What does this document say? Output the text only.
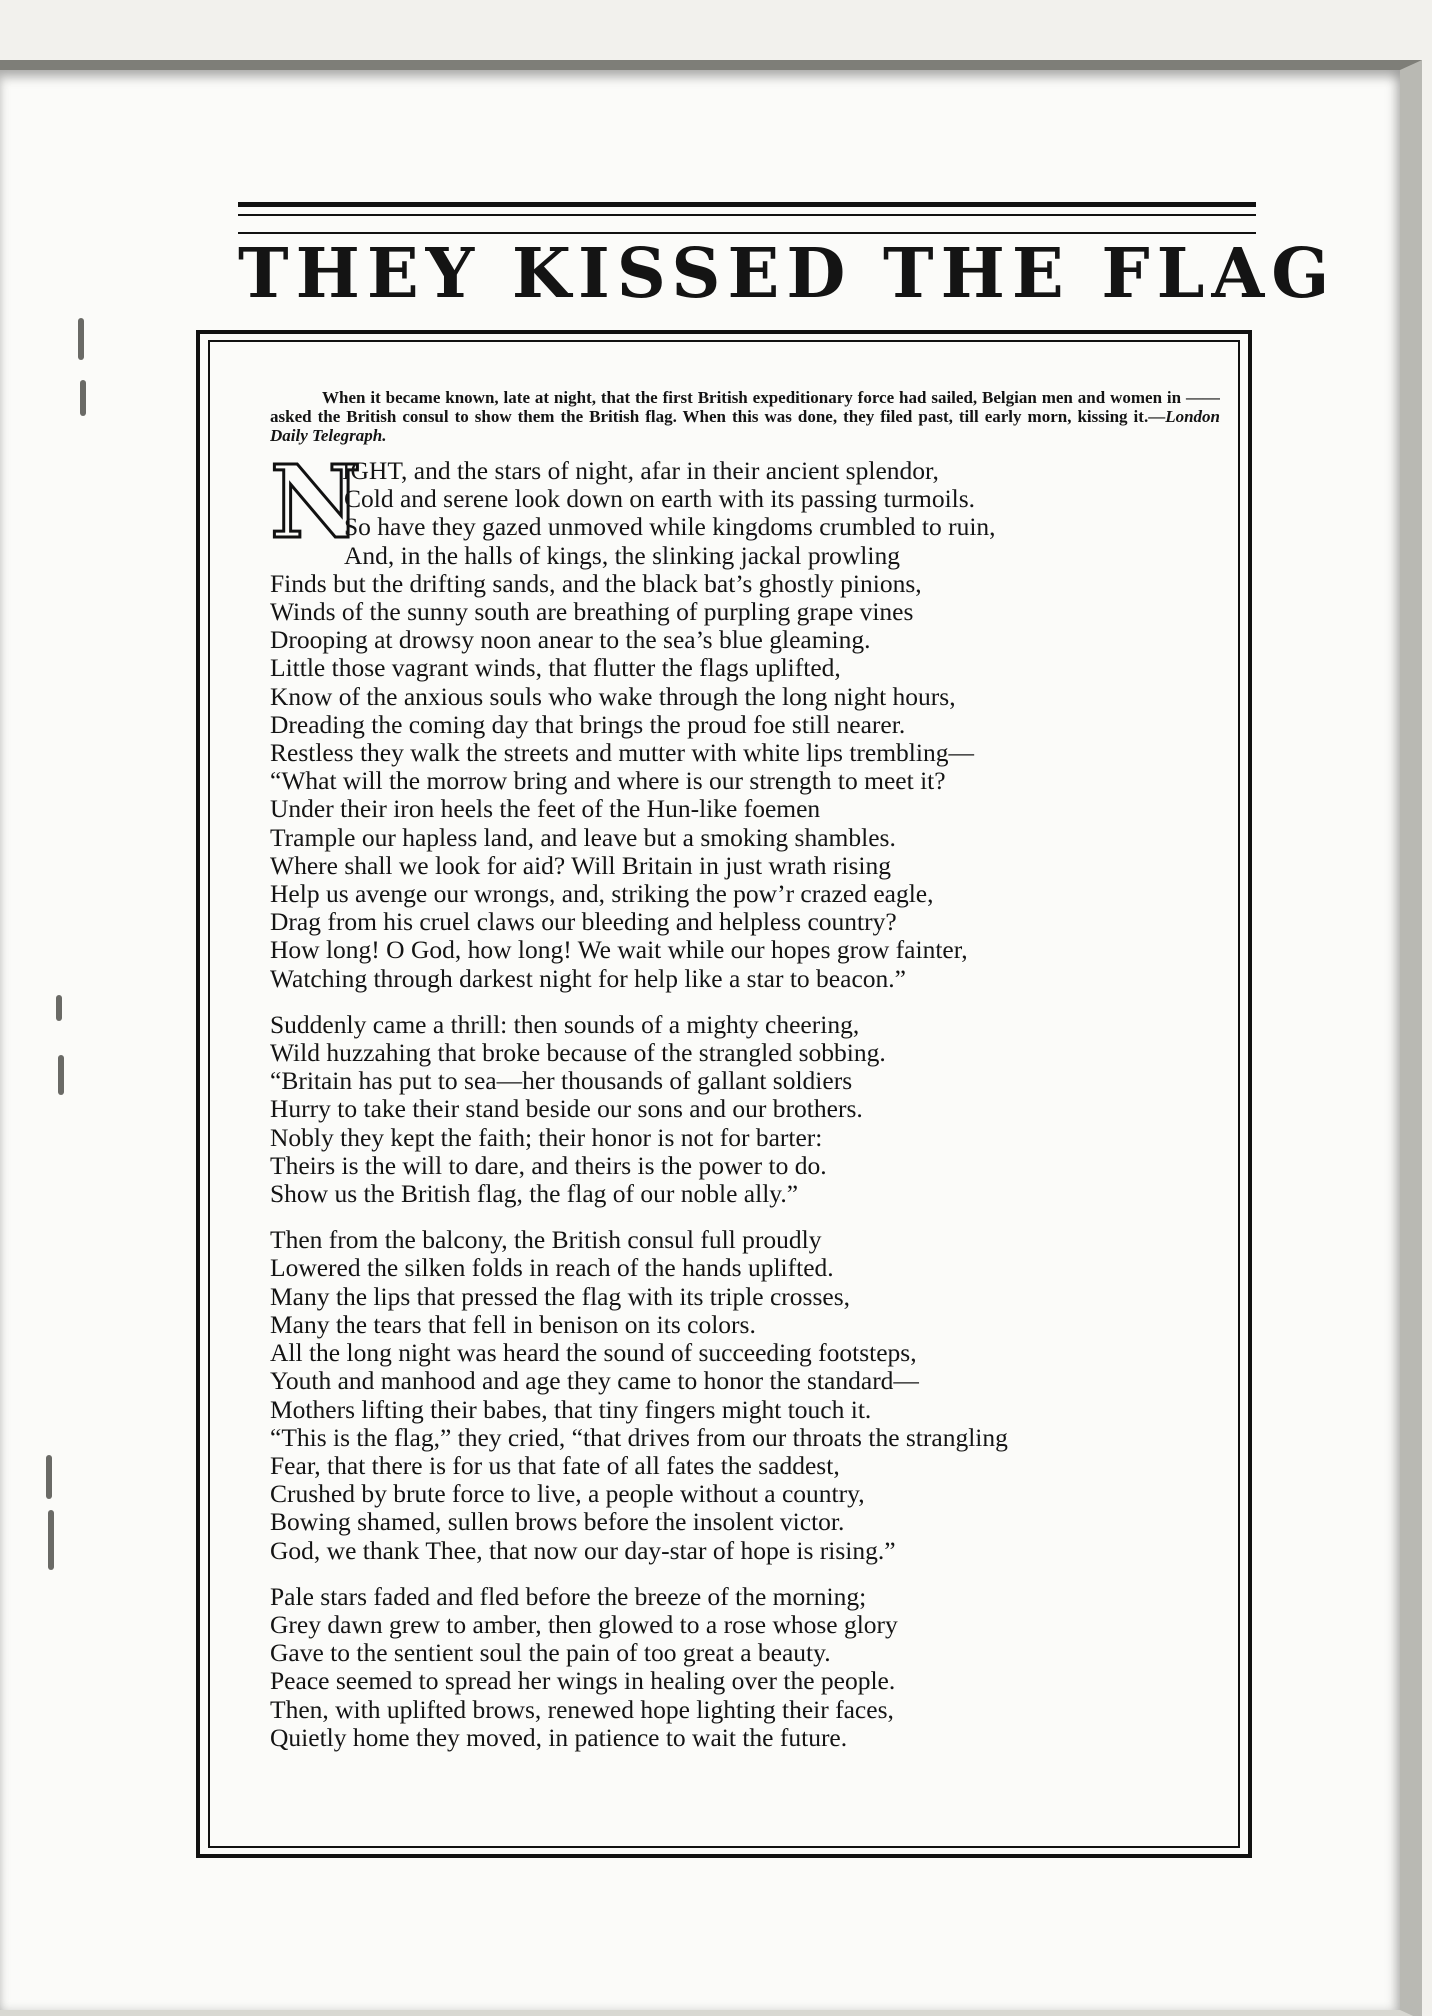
THEY KISSED THE FLAG

When it became known, late at night, that the first British expeditionary force had sailed, Belgian men and women in —— asked the British consul to show them the British flag. When this was done, they filed past, till early morn, kissing it.—London Daily Telegraph.

N
IGHT, and the stars of night, afar in their ancient splendor,
Cold and serene look down on earth with its passing turmoils.
So have they gazed unmoved while kingdoms crumbled to ruin,
And, in the halls of kings, the slinking jackal prowling
Finds but the drifting sands, and the black bat’s ghostly pinions,
Winds of the sunny south are breathing of purpling grape vines
Drooping at drowsy noon anear to the sea’s blue gleaming.
Little those vagrant winds, that flutter the flags uplifted,
Know of the anxious souls who wake through the long night hours,
Dreading the coming day that brings the proud foe still nearer.
Restless they walk the streets and mutter with white lips trembling—
“What will the morrow bring and where is our strength to meet it?
Under their iron heels the feet of the Hun-like foemen
Trample our hapless land, and leave but a smoking shambles.
Where shall we look for aid? Will Britain in just wrath rising
Help us avenge our wrongs, and, striking the pow’r crazed eagle,
Drag from his cruel claws our bleeding and helpless country?
How long! O God, how long! We wait while our hopes grow fainter,
Watching through darkest night for help like a star to beacon.”
Suddenly came a thrill: then sounds of a mighty cheering,
Wild huzzahing that broke because of the strangled sobbing.
“Britain has put to sea—her thousands of gallant soldiers
Hurry to take their stand beside our sons and our brothers.
Nobly they kept the faith; their honor is not for barter:
Theirs is the will to dare, and theirs is the power to do.
Show us the British flag, the flag of our noble ally.”
Then from the balcony, the British consul full proudly
Lowered the silken folds in reach of the hands uplifted.
Many the lips that pressed the flag with its triple crosses,
Many the tears that fell in benison on its colors.
All the long night was heard the sound of succeeding footsteps,
Youth and manhood and age they came to honor the standard—
Mothers lifting their babes, that tiny fingers might touch it.
“This is the flag,” they cried, “that drives from our throats the strangling
Fear, that there is for us that fate of all fates the saddest,
Crushed by brute force to live, a people without a country,
Bowing shamed, sullen brows before the insolent victor.
God, we thank Thee, that now our day-star of hope is rising.”
Pale stars faded and fled before the breeze of the morning;
Grey dawn grew to amber, then glowed to a rose whose glory
Gave to the sentient soul the pain of too great a beauty.
Peace seemed to spread her wings in healing over the people.
Then, with uplifted brows, renewed hope lighting their faces,
Quietly home they moved, in patience to wait the future.
